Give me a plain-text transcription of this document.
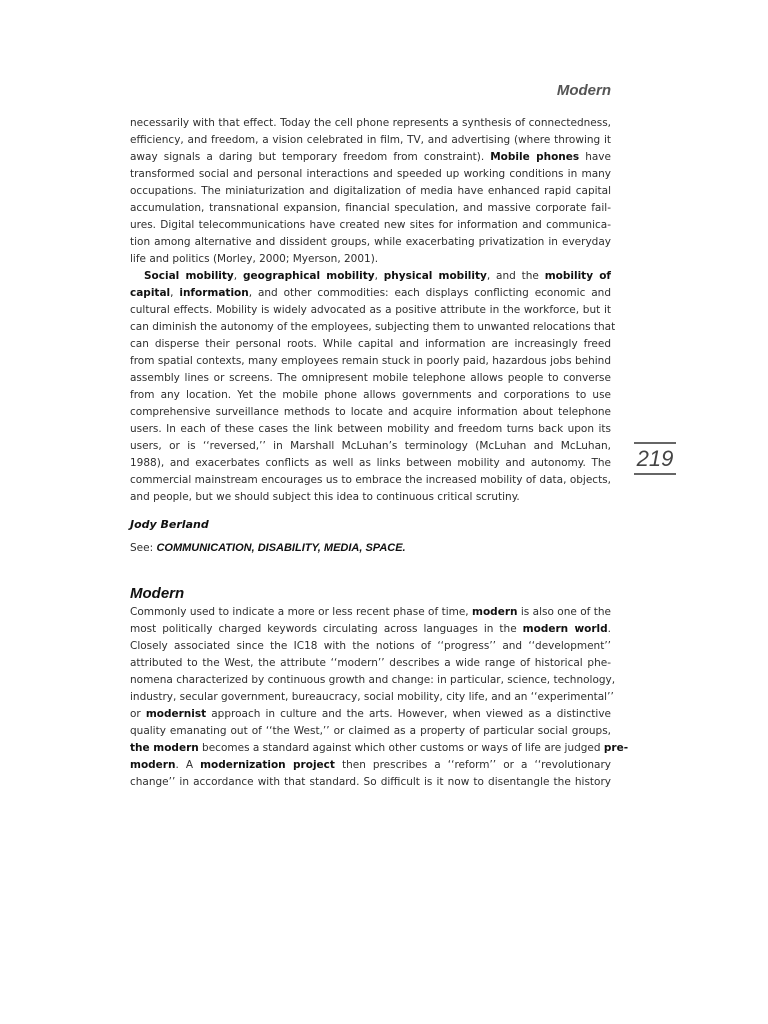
Modern
219
necessarily with that effect. Today the cell phone represents a synthesis of connectedness,
efficiency, and freedom, a vision celebrated in film, TV, and advertising (where throwing it
away signals a daring but temporary freedom from constraint). Mobile phones have
transformed social and personal interactions and speeded up working conditions in many
occupations. The miniaturization and digitalization of media have enhanced rapid capital
accumulation, transnational expansion, financial speculation, and massive corporate fail-
ures. Digital telecommunications have created new sites for information and communica-
tion among alternative and dissident groups, while exacerbating privatization in everyday
life and politics (Morley, 2000; Myerson, 2001).
Social mobility, geographical mobility, physical mobility, and the mobility of
capital, information, and other commodities: each displays conflicting economic and
cultural effects. Mobility is widely advocated as a positive attribute in the workforce, but it
can diminish the autonomy of the employees, subjecting them to unwanted relocations that
can disperse their personal roots. While capital and information are increasingly freed
from spatial contexts, many employees remain stuck in poorly paid, hazardous jobs behind
assembly lines or screens. The omnipresent mobile telephone allows people to converse
from any location. Yet the mobile phone allows governments and corporations to use
comprehensive surveillance methods to locate and acquire information about telephone
users. In each of these cases the link between mobility and freedom turns back upon its
users, or is ‘‘reversed,’’ in Marshall McLuhan’s terminology (McLuhan and McLuhan,
1988), and exacerbates conflicts as well as links between mobility and autonomy. The
commercial mainstream encourages us to embrace the increased mobility of data, objects,
and people, but we should subject this idea to continuous critical scrutiny.
Jody Berland
See: COMMUNICATION, DISABILITY, MEDIA, SPACE.
Modern
Commonly used to indicate a more or less recent phase of time, modern is also one of the
most politically charged keywords circulating across languages in the modern world.
Closely associated since the IC18 with the notions of ‘‘progress’’ and ‘‘development’’
attributed to the West, the attribute ‘‘modern’’ describes a wide range of historical phe-
nomena characterized by continuous growth and change: in particular, science, technology,
industry, secular government, bureaucracy, social mobility, city life, and an ‘‘experimental’’
or modernist approach in culture and the arts. However, when viewed as a distinctive
quality emanating out of ‘‘the West,’’ or claimed as a property of particular social groups,
the modern becomes a standard against which other customs or ways of life are judged pre-
modern. A modernization project then prescribes a ‘‘reform’’ or a ‘‘revolutionary
change’’ in accordance with that standard. So difficult is it now to disentangle the history
